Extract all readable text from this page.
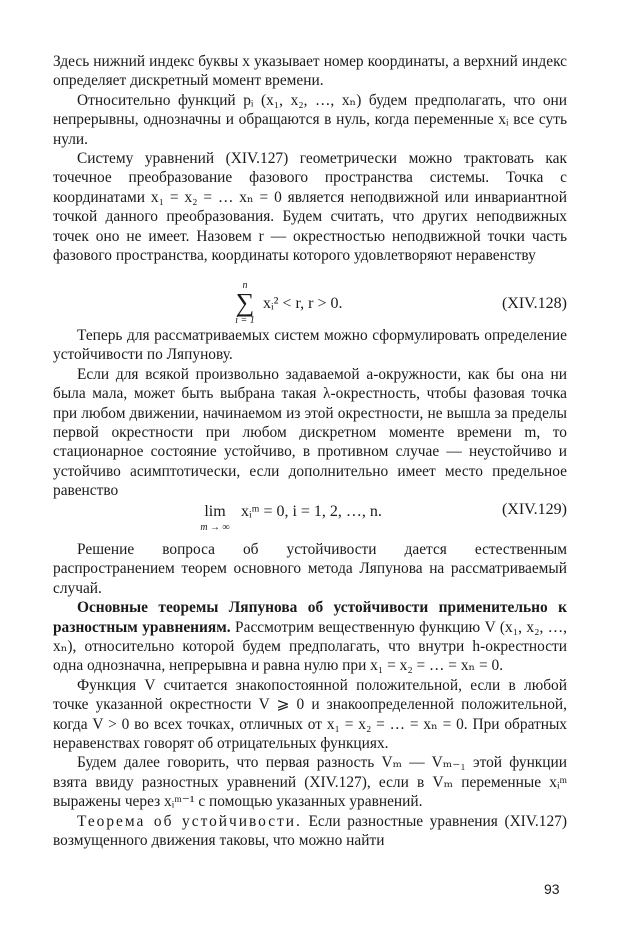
Здесь нижний индекс буквы x указывает номер координаты, а верхний индекс определяет дискретный момент времени.

Относительно функций pᵢ (x₁, x₂, …, xₙ) будем предполагать, что они непрерывны, однозначны и обращаются в нуль, когда переменные xᵢ все суть нули.

Систему уравнений (XIV.127) геометрически можно трактовать как точечное преобразование фазового пространства системы. Точка с координатами x₁ = x₂ = … xₙ = 0 является неподвижной или инвариантной точкой данного преобразования. Будем считать, что других неподвижных точек оно не имеет. Назовем r — окрестностью неподвижной точки часть фазового пространства, координаты которого удовлетворяют неравенству

n
∑
i = 1
xᵢ² < r, r > 0.	(XIV.128)

Теперь для рассматриваемых систем можно сформулировать определение устойчивости по Ляпунову.

Если для всякой произвольно задаваемой a-окружности, как бы она ни была мала, может быть выбрана такая λ-окрестность, чтобы фазовая точка при любом движении, начинаемом из этой окрестности, не вышла за пределы первой окрестности при любом дискретном моменте времени m, то стационарное состояние устойчиво, в противном случае — неустойчиво и устойчиво асимптотически, если дополнительно имеет место предельное равенство

lim
m → ∞
xᵢᵐ = 0, i = 1, 2, …, n.	(XIV.129)

Решение вопроса об устойчивости дается естественным распространением теорем основного метода Ляпунова на рассматриваемый случай.

Основные теоремы Ляпунова об устойчивости применительно к разностным уравнениям. Рассмотрим вещественную функцию V (x₁, x₂, …, xₙ), относительно которой будем предполагать, что внутри h-окрестности одна однозначна, непрерывна и равна нулю при x₁ = x₂ = … = xₙ = 0.

Функция V считается знакопостоянной положительной, если в любой точке указанной окрестности V ⩾ 0 и знакоопределенной положительной, когда V > 0 во всех точках, отличных от x₁ = x₂ = … = xₙ = 0. При обратных неравенствах говорят об отрицательных функциях.

Будем далее говорить, что первая разность Vₘ — Vₘ₋₁ этой функции взята ввиду разностных уравнений (XIV.127), если в Vₘ переменные xᵢᵐ выражены через xᵢᵐ⁻¹ с помощью указанных уравнений.

Теорема об устойчивости. Если разностные уравнения (XIV.127) возмущенного движения таковы, что можно найти

93
